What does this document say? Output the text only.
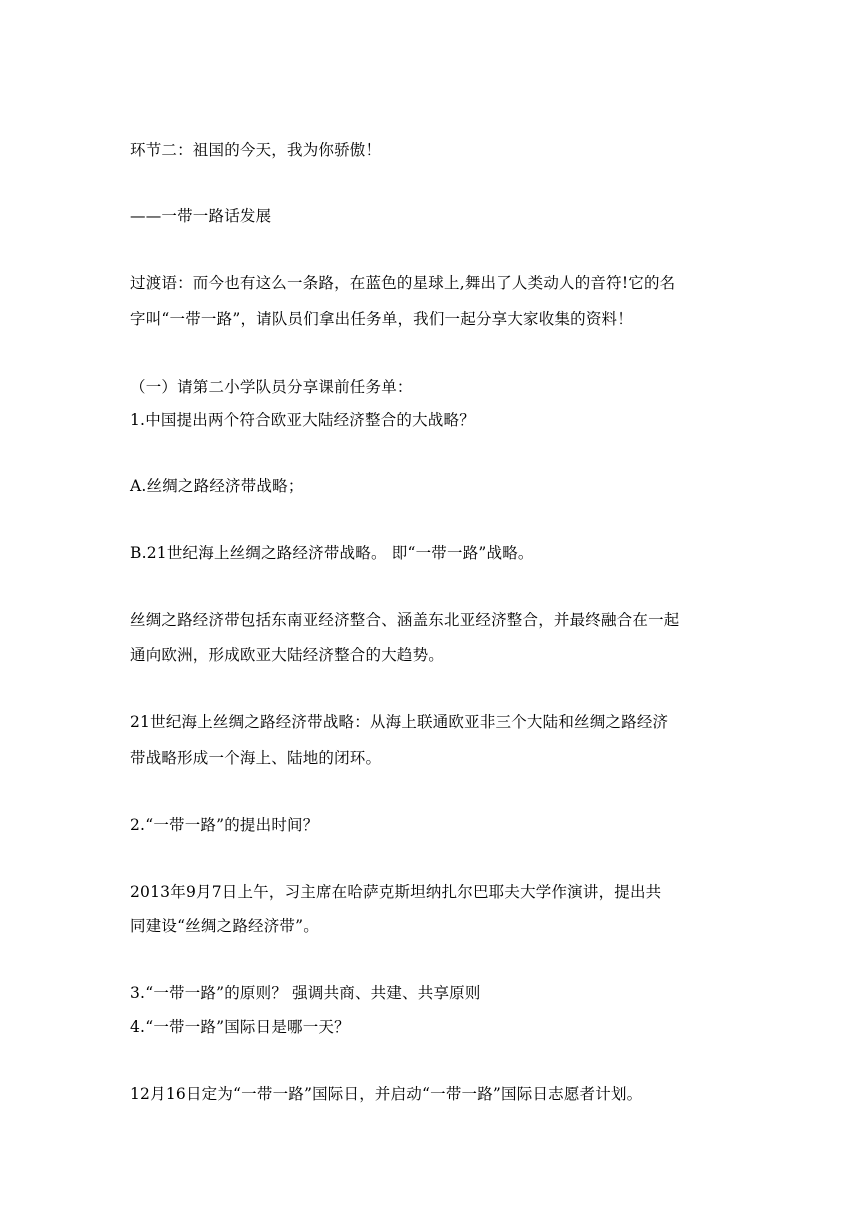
环节二：祖国的今天，我为你骄傲！
——一带一路话发展
过渡语：而今也有这么一条路，在蓝色的星球上,舞出了人类动人的音符!它的名
字叫“一带一路”，请队员们拿出任务单，我们一起分享大家收集的资料！
（一）请第二小学队员分享课前任务单：
1.中国提出两个符合欧亚大陆经济整合的大战略？
A.丝绸之路经济带战略；
B.21世纪海上丝绸之路经济带战略。 即“一带一路”战略。
丝绸之路经济带包括东南亚经济整合、涵盖东北亚经济整合，并最终融合在一起
通向欧洲，形成欧亚大陆经济整合的大趋势。
21世纪海上丝绸之路经济带战略：从海上联通欧亚非三个大陆和丝绸之路经济
带战略形成一个海上、陆地的闭环。
2.“一带一路”的提出时间？
2013年9月7日上午，习主席在哈萨克斯坦纳扎尔巴耶夫大学作演讲，提出共
同建设“丝绸之路经济带”。
3.“一带一路”的原则？ 强调共商、共建、共享原则
4.“一带一路”国际日是哪一天？
12月16日定为“一带一路”国际日，并启动“一带一路”国际日志愿者计划。
